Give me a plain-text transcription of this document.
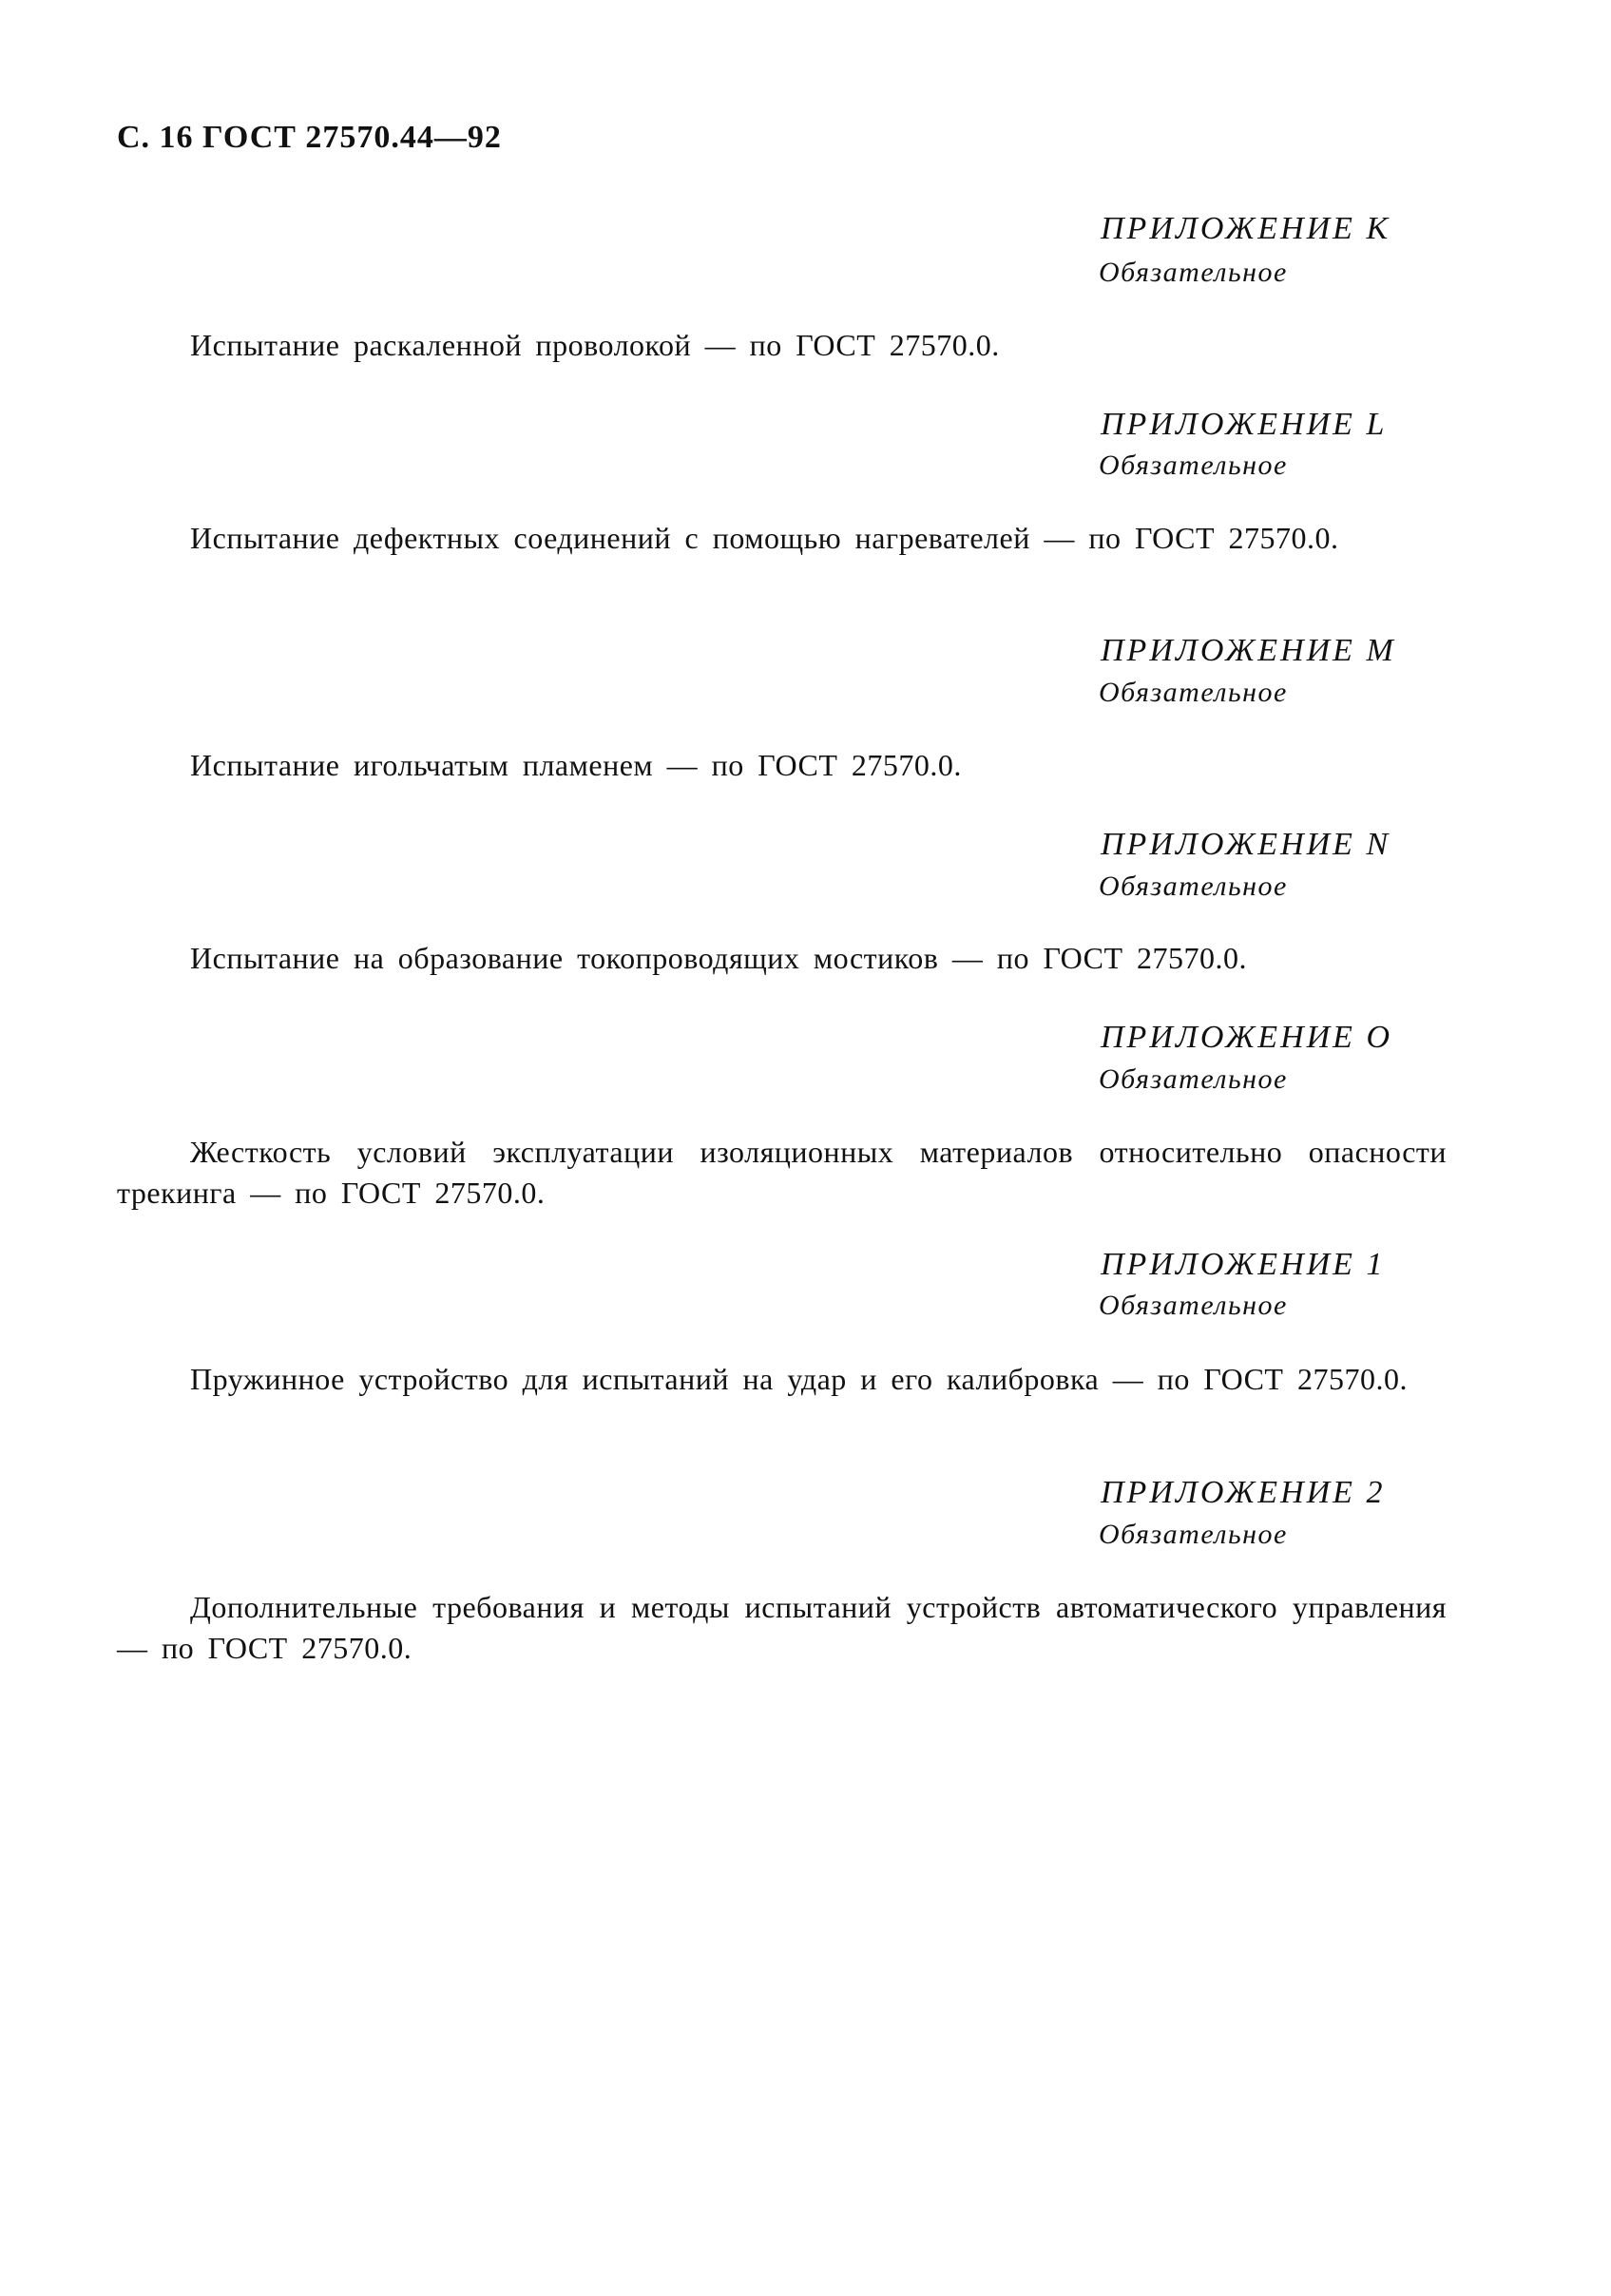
С. 16 ГОСТ 27570.44—92
ПРИЛОЖЕНИЕ K
Обязательное
Испытание раскаленной проволокой — по ГОСТ 27570.0.
ПРИЛОЖЕНИЕ L
Обязательное
Испытание дефектных соединений с помощью нагревателей — по ГОСТ 27570.0.
ПРИЛОЖЕНИЕ M
Обязательное
Испытание игольчатым пламенем — по ГОСТ 27570.0.
ПРИЛОЖЕНИЕ N
Обязательное
Испытание на образование токопроводящих мостиков — по ГОСТ 27570.0.
ПРИЛОЖЕНИЕ O
Обязательное
Жесткость условий эксплуатации изоляционных материалов относительно опасности трекинга — по ГОСТ 27570.0.
ПРИЛОЖЕНИЕ 1
Обязательное
Пружинное устройство для испытаний на удар и его калибровка — по ГОСТ 27570.0.
ПРИЛОЖЕНИЕ 2
Обязательное
Дополнительные требования и методы испытаний устройств автоматического управления — по ГОСТ 27570.0.
